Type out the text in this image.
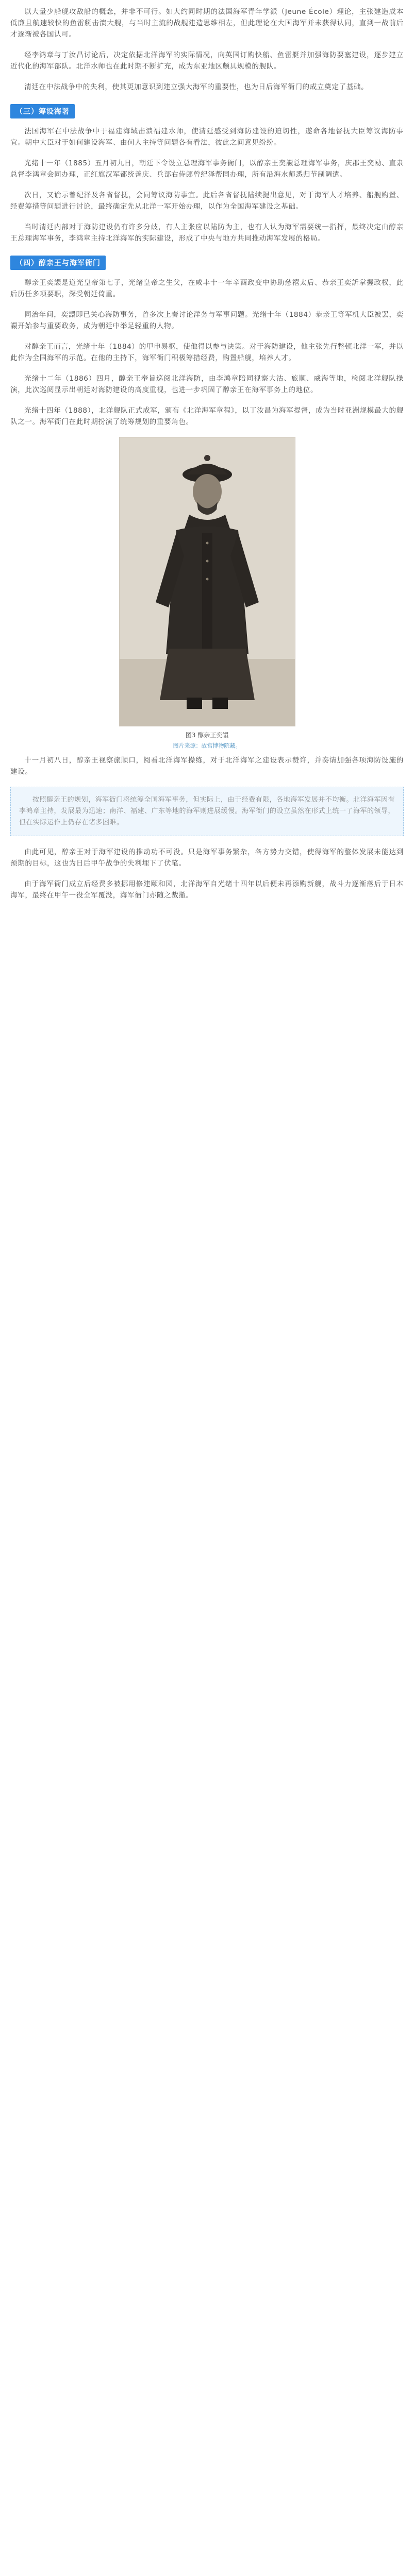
以大量少船舰攻敌船的概念，并非不可行。如大约同时期的法国海军青年学派（Jeune École）理论，主张建造成本低廉且航速较快的鱼雷艇击溃大舰，与当时主流的战舰建造思维相左，但此理论在大国海军并未获得认同，直到一战前后才逐渐被各国认可。

经李鸿章与丁汝昌讨论后，决定依据北洋海军的实际情况，向英国订购快船、鱼雷艇并加强海防要塞建设，逐步建立近代化的海军部队。北洋水师也在此时期不断扩充，成为东亚地区颇具规模的舰队。

清廷在中法战争中的失利，使其更加意识到建立强大海军的重要性，也为日后海军衙门的成立奠定了基础。

（三）筹设海署

法国海军在中法战争中于福建海域击溃福建水师，使清廷感受到海防建设的迫切性，遂命各地督抚大臣筹议海防事宜。朝中大臣对于如何建设海军、由何人主持等问题各有看法，彼此之间意见纷纷。

光绪十一年（1885）五月初九日，朝廷下令设立总理海军事务衙门，以醇亲王奕譞总理海军事务，庆郡王奕劻、直隶总督李鸿章会同办理，正红旗汉军都统善庆、兵部右侍郎曾纪泽帮同办理，所有沿海水师悉归节制调遣。

次日，又谕示曾纪泽及各省督抚，会同筹议海防事宜。此后各省督抚陆续提出意见，对于海军人才培养、船舰购置、经费筹措等问题进行讨论，最终确定先从北洋一军开始办理，以作为全国海军建设之基础。

当时清廷内部对于海防建设仍有许多分歧，有人主张应以陆防为主，也有人认为海军需要统一指挥，最终决定由醇亲王总理海军事务，李鸿章主持北洋海军的实际建设，形成了中央与地方共同推动海军发展的格局。

（四）醇亲王与海军衙门

醇亲王奕譞是道光皇帝第七子，光绪皇帝之生父，在咸丰十一年辛酉政变中协助慈禧太后、恭亲王奕訢掌握政权，此后历任多项要职，深受朝廷倚重。

同治年间，奕譞即已关心海防事务，曾多次上奏讨论洋务与军事问题。光绪十年（1884）恭亲王等军机大臣被罢，奕譞开始参与重要政务，成为朝廷中举足轻重的人物。

对醇亲王而言，光绪十年（1884）的甲申易枢，使他得以参与决策。对于海防建设，他主张先行整顿北洋一军，并以此作为全国海军的示范。在他的主持下，海军衙门积极筹措经费，购置船舰，培养人才。

光绪十二年（1886）四月，醇亲王奉旨巡阅北洋海防，由李鸿章陪同视察大沽、旅顺、威海等地，检阅北洋舰队操演，此次巡阅显示出朝廷对海防建设的高度重视，也进一步巩固了醇亲王在海军事务上的地位。

光绪十四年（1888），北洋舰队正式成军，颁布《北洋海军章程》，以丁汝昌为海军提督，成为当时亚洲规模最大的舰队之一。海军衙门在此时期扮演了统筹规划的重要角色。

图3 醇亲王奕譞
图片来源：故宫博物院藏。

十一月初八日，醇亲王视察旅顺口，阅看北洋海军操练，对于北洋海军之建设表示赞许，并奏请加强各项海防设施的建设。

按照醇亲王的规划，海军衙门将统筹全国海军事务，但实际上，由于经费有限，各地海军发展并不均衡。北洋海军因有李鸿章主持，发展最为迅速；南洋、福建、广东等地的海军则进展缓慢。海军衙门的设立虽然在形式上统一了海军的领导，但在实际运作上仍存在诸多困难。

由此可见，醇亲王对于海军建设的推动功不可没。只是海军事务繁杂，各方势力交错，使得海军的整体发展未能达到预期的目标，这也为日后甲午战争的失利埋下了伏笔。

由于海军衙门成立后经费多被挪用修建颐和园，北洋海军自光绪十四年以后便未再添购新舰，战斗力逐渐落后于日本海军，最终在甲午一役全军覆没，海军衙门亦随之裁撤。
